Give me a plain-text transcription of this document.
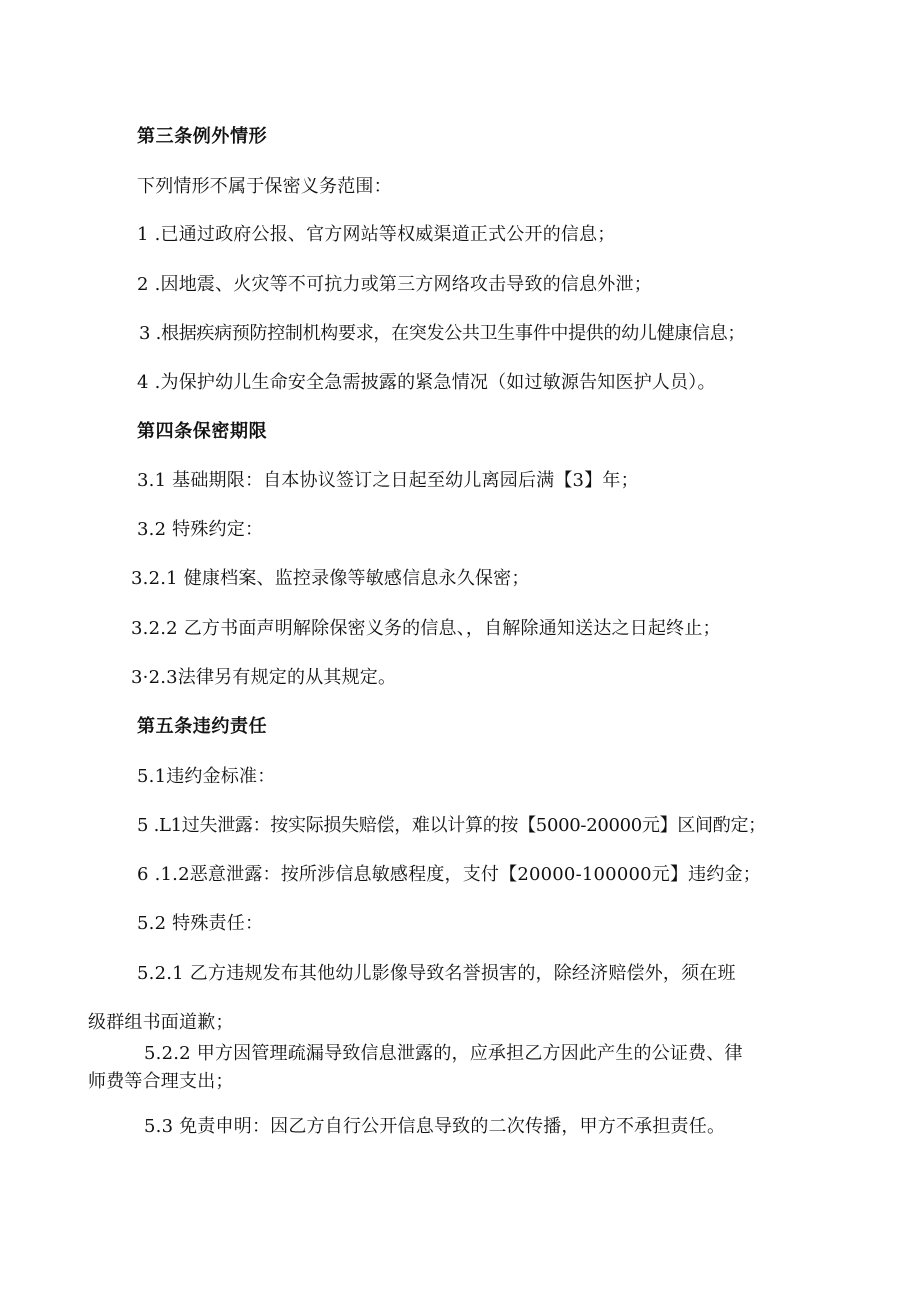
第三条例外情形
下列情形不属于保密义务范围：
1 .已通过政府公报、官方网站等权威渠道正式公开的信息；
2 .因地震、火灾等不可抗力或第三方网络攻击导致的信息外泄；
3 .根据疾病预防控制机构要求，在突发公共卫生事件中提供的幼儿健康信息；
4 .为保护幼儿生命安全急需披露的紧急情况（如过敏源告知医护人员）。
第四条保密期限
3.1 基础期限：自本协议签订之日起至幼儿离园后满【3】年；
3.2 特殊约定：
3.2.1 健康档案、监控录像等敏感信息永久保密；
3.2.2 乙方书面声明解除保密义务的信息、，自解除通知送达之日起终止；
3·2.3法律另有规定的从其规定。
第五条违约责任
5.1违约金标准：
5 .L1过失泄露：按实际损失赔偿，难以计算的按【5000-20000元】区间酌定；
6 .1.2恶意泄露：按所涉信息敏感程度，支付【20000-100000元】违约金；
5.2 特殊责任：
5.2.1 乙方违规发布其他幼儿影像导致名誉损害的，除经济赔偿外，须在班
级群组书面道歉；
5.2.2 甲方因管理疏漏导致信息泄露的，应承担乙方因此产生的公证费、律
师费等合理支出；
5.3 免责申明：因乙方自行公开信息导致的二次传播，甲方不承担责任。
